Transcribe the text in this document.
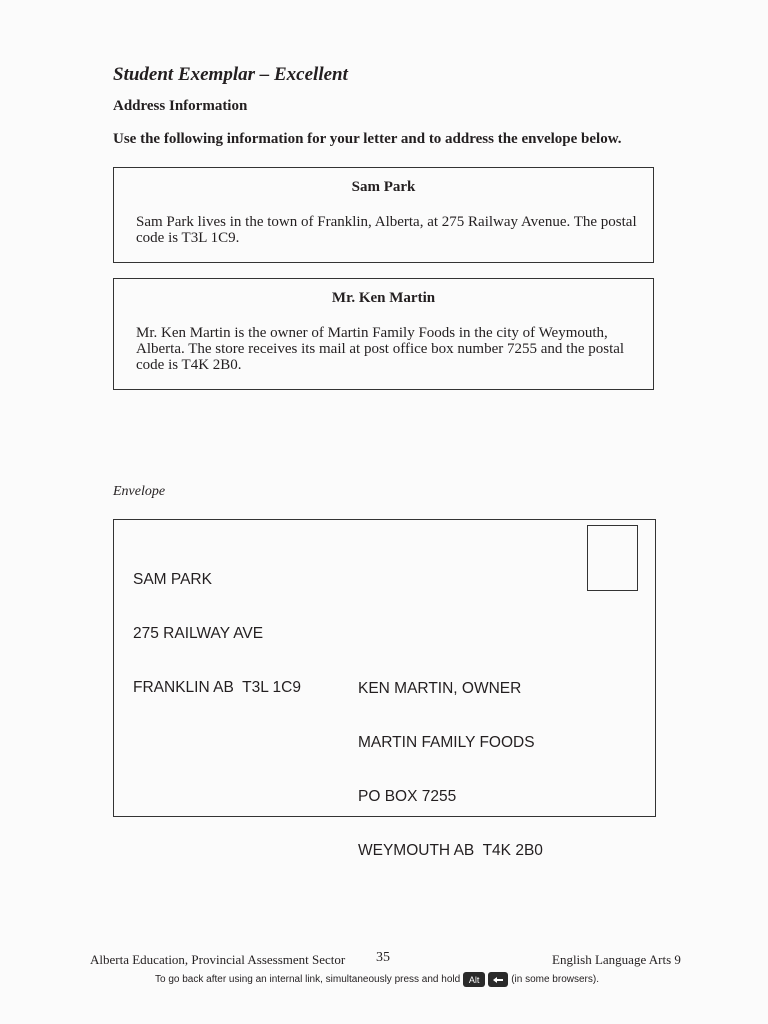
Student Exemplar – Excellent
Address Information
Use the following information for your letter and to address the envelope below.
Sam Park
Sam Park lives in the town of Franklin, Alberta, at 275 Railway Avenue. The postal code is T3L 1C9.
Mr. Ken Martin
Mr. Ken Martin is the owner of Martin Family Foods in the city of Weymouth, Alberta. The store receives its mail at post office box number 7255 and the postal code is T4K 2B0.
Envelope

SAM PARK

275 RAILWAY AVE

FRANKLIN AB  T3L 1C9

	KEN MARTIN, OWNER

MARTIN FAMILY FOODS

PO BOX 7255

WEYMOUTH AB  T4K 2B0

Alberta Education, Provincial Assessment Sector 35	English Language Arts 9
To go back after using an internal link, simultaneously press and hold Alt	(in some browsers).
